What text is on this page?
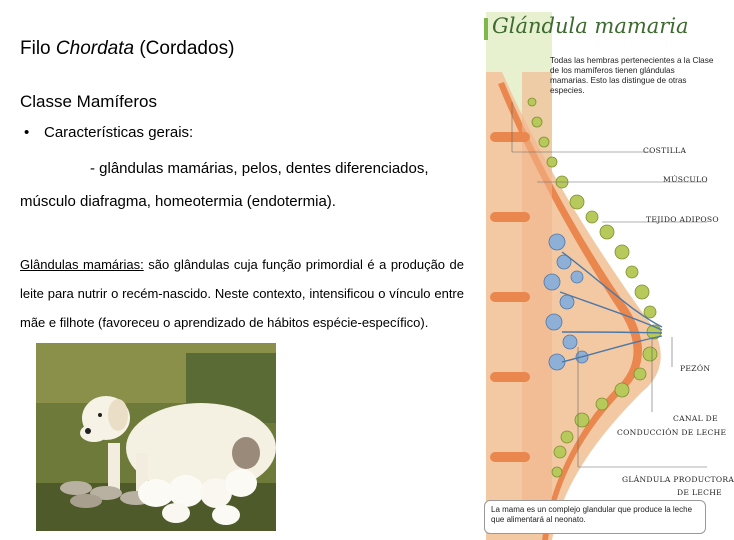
Filo Chordata (Cordados)
Classe Mamíferos
• Características gerais:
- glândulas mamárias, pelos, dentes diferenciados,
músculo diafragma, homeotermia (endotermia).
Glândulas mamárias: são glândulas cuja função primordial é a produção de leite para nutrir o recém-nascido. Neste contexto, intensificou o vínculo entre mãe e filhote (favoreceu o aprendizado de hábitos espécie-específico).
Glándula mamaria
Todas las hembras pertenecientes a la Clase de los mamíferos tienen glándulas mamarias. Esto las distingue de otras especies.
COSTILLA
MÚSCULO
TEJIDO ADIPOSO
PEZÓN
CANAL DE
CONDUCCIÓN DE LECHE
GLÁNDULA PRODUCTORA
DE LECHE
La mama es un complejo glandular que produce la leche que alimentará al neonato.
